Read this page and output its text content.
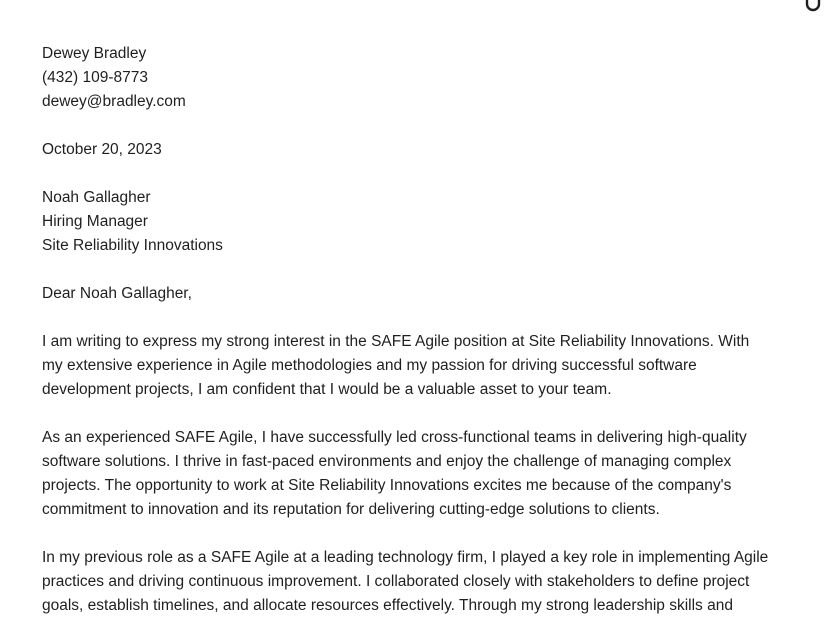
Dewey Bradley
(432) 109-8773
dewey@bradley.com
October 20, 2023
Noah Gallagher
Hiring Manager
Site Reliability Innovations
Dear Noah Gallagher,
I am writing to express my strong interest in the SAFE Agile position at Site Reliability Innovations. With
my extensive experience in Agile methodologies and my passion for driving successful software
development projects, I am confident that I would be a valuable asset to your team.
As an experienced SAFE Agile, I have successfully led cross-functional teams in delivering high-quality
software solutions. I thrive in fast-paced environments and enjoy the challenge of managing complex
projects. The opportunity to work at Site Reliability Innovations excites me because of the company's
commitment to innovation and its reputation for delivering cutting-edge solutions to clients.
In my previous role as a SAFE Agile at a leading technology firm, I played a key role in implementing Agile
practices and driving continuous improvement. I collaborated closely with stakeholders to define project
goals, establish timelines, and allocate resources effectively. Through my strong leadership skills and
